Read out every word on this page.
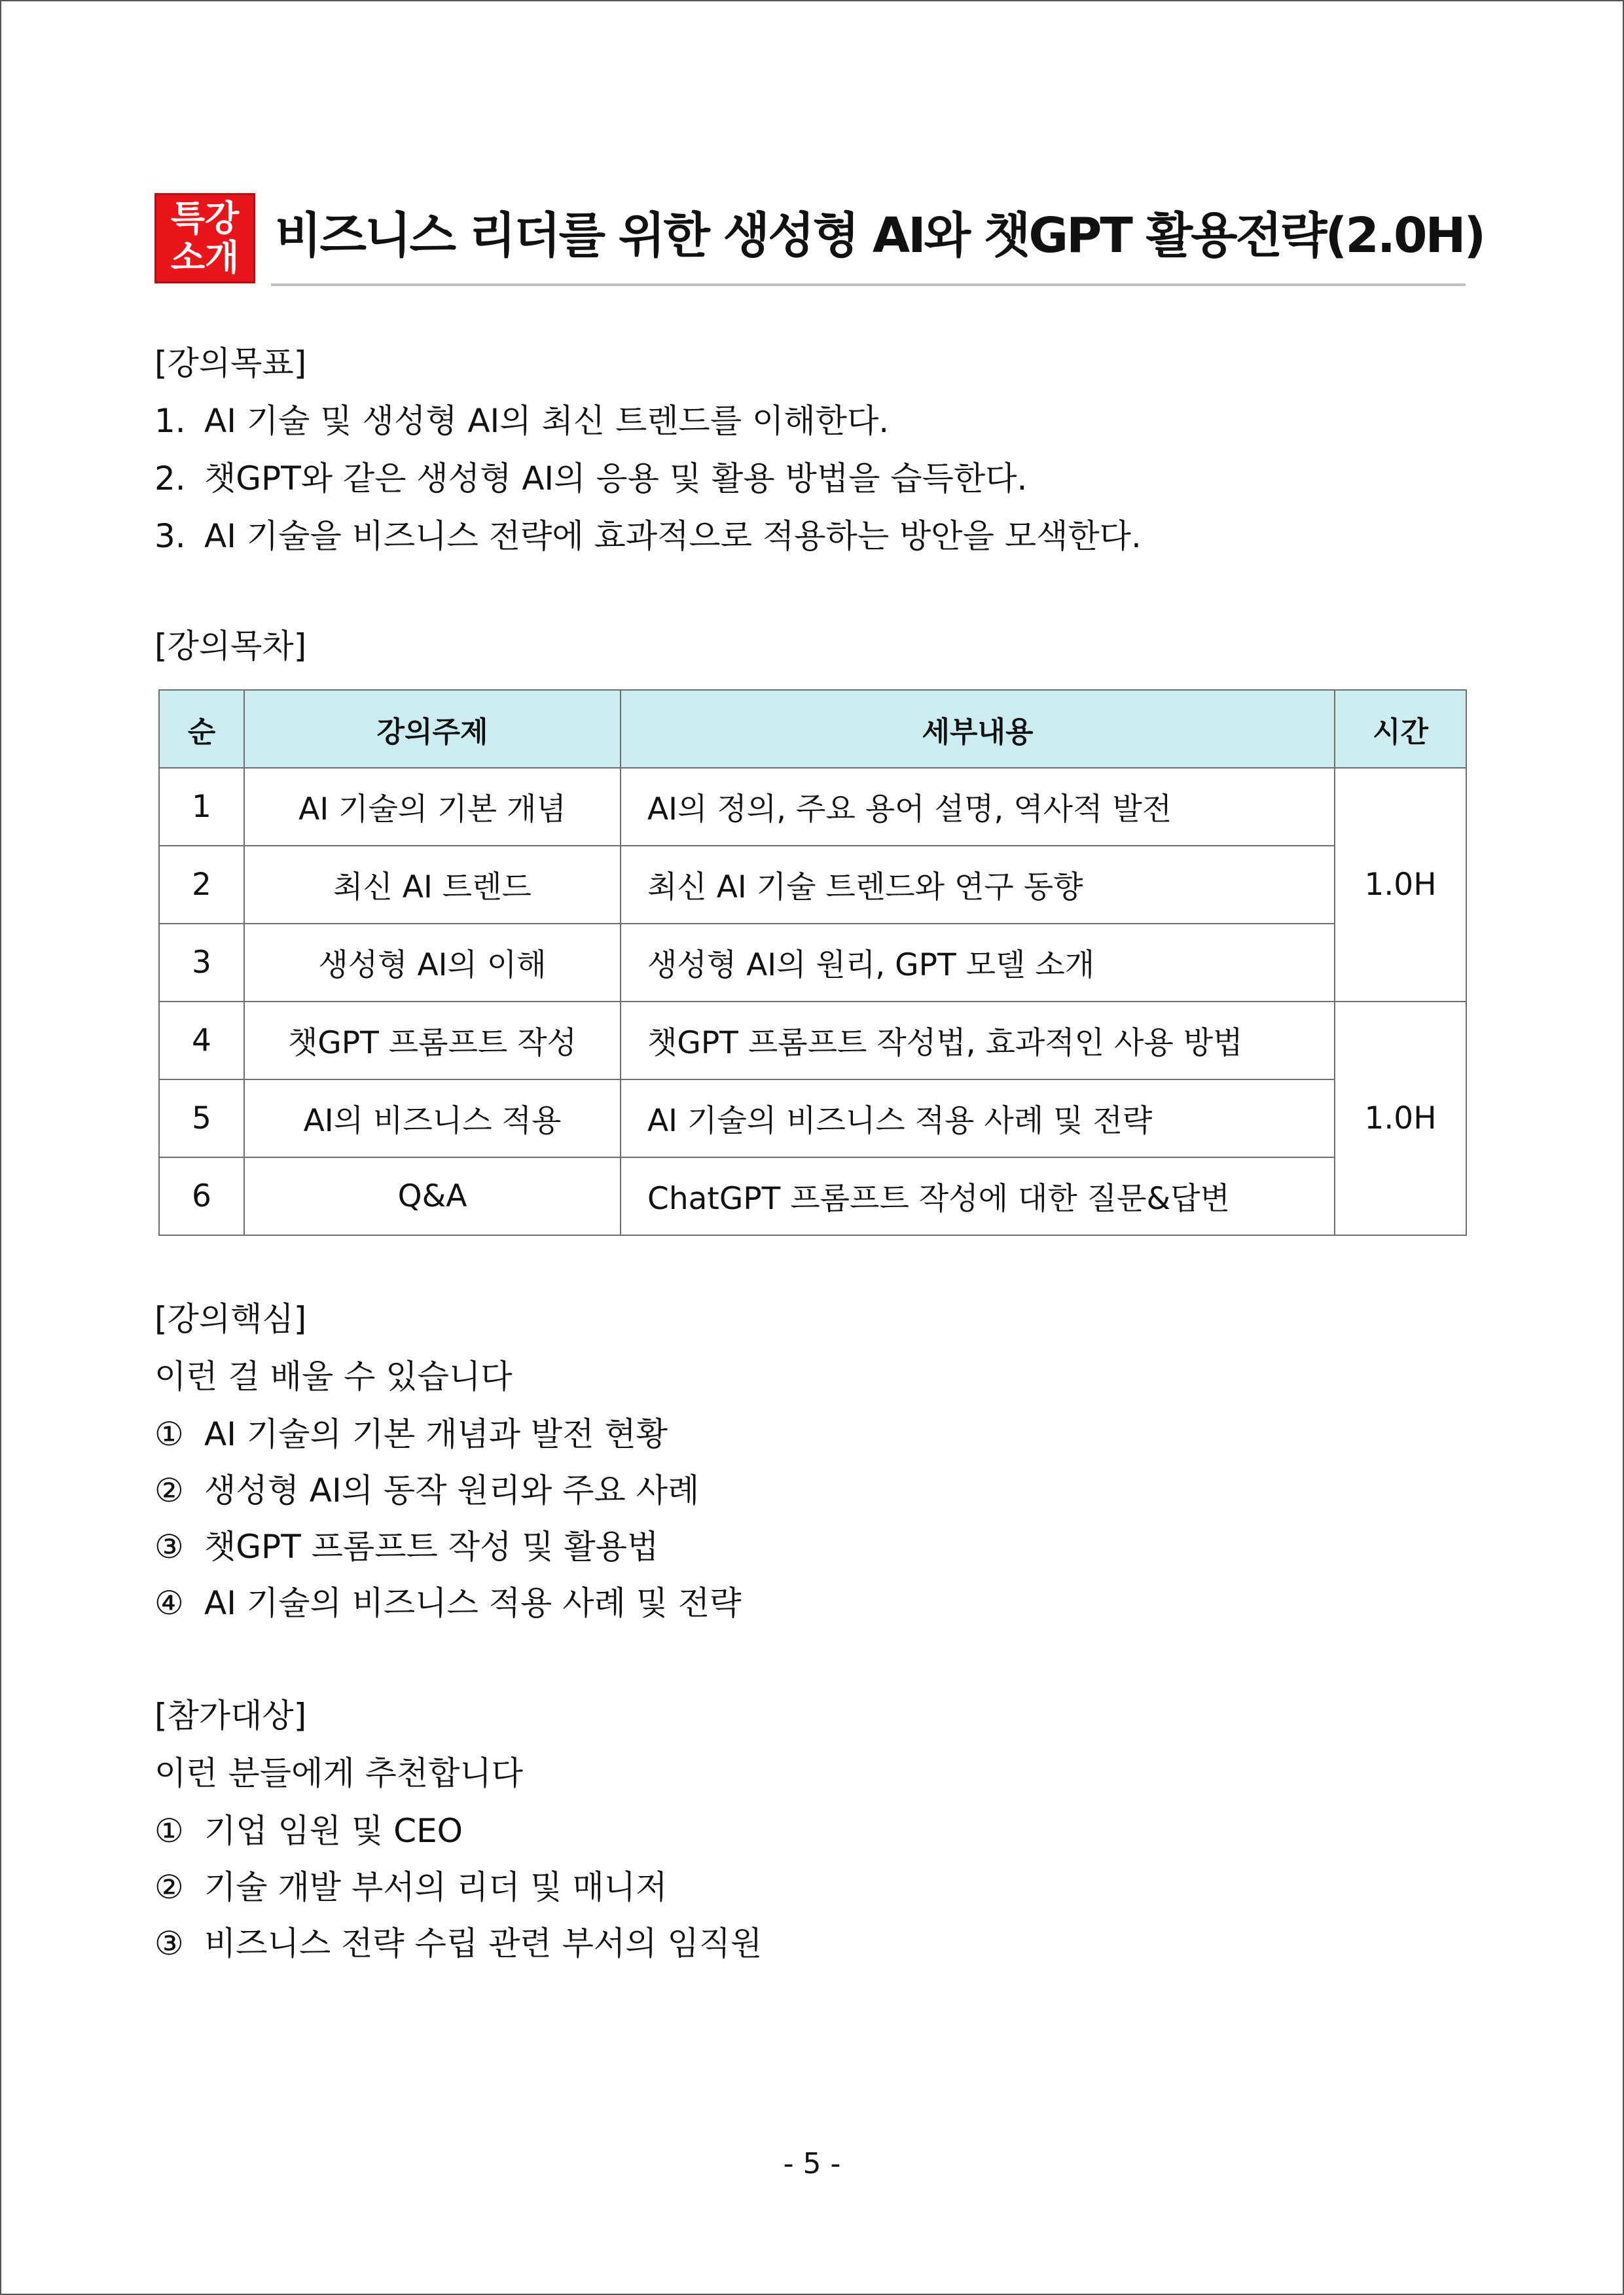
특강
소개 비즈니스 리더를 위한 생성형 AI와 챗GPT 활용전략(2.0H)
[강의목표]
1. AI 기술 및 생성형 AI의 최신 트렌드를 이해한다.
2. 챗GPT와 같은 생성형 AI의 응용 및 활용 방법을 습득한다.
3. AI 기술을 비즈니스 전략에 효과적으로 적용하는 방안을 모색한다.
[강의목차]
순	강의주제	세부내용	시간
1	AI 기술의 기본 개념	AI의 정의, 주요 용어 설명, 역사적 발전	1.0H
2	최신 AI 트렌드	최신 AI 기술 트렌드와 연구 동향	
3	생성형 AI의 이해	생성형 AI의 원리, GPT 모델 소개	
4	챗GPT 프롬프트 작성	챗GPT 프롬프트 작성법, 효과적인 사용 방법	1.0H
5	AI의 비즈니스 적용	AI 기술의 비즈니스 적용 사례 및 전략	
6	Q&A	ChatGPT 프롬프트 작성에 대한 질문&답변	
[강의핵심]
이런 걸 배울 수 있습니다
① AI 기술의 기본 개념과 발전 현황
② 생성형 AI의 동작 원리와 주요 사례
③ 챗GPT 프롬프트 작성 및 활용법
④ AI 기술의 비즈니스 적용 사례 및 전략
[참가대상]
이런 분들에게 추천합니다
① 기업 임원 및 CEO
② 기술 개발 부서의 리더 및 매니저
③ 비즈니스 전략 수립 관련 부서의 임직원
- 5 -
